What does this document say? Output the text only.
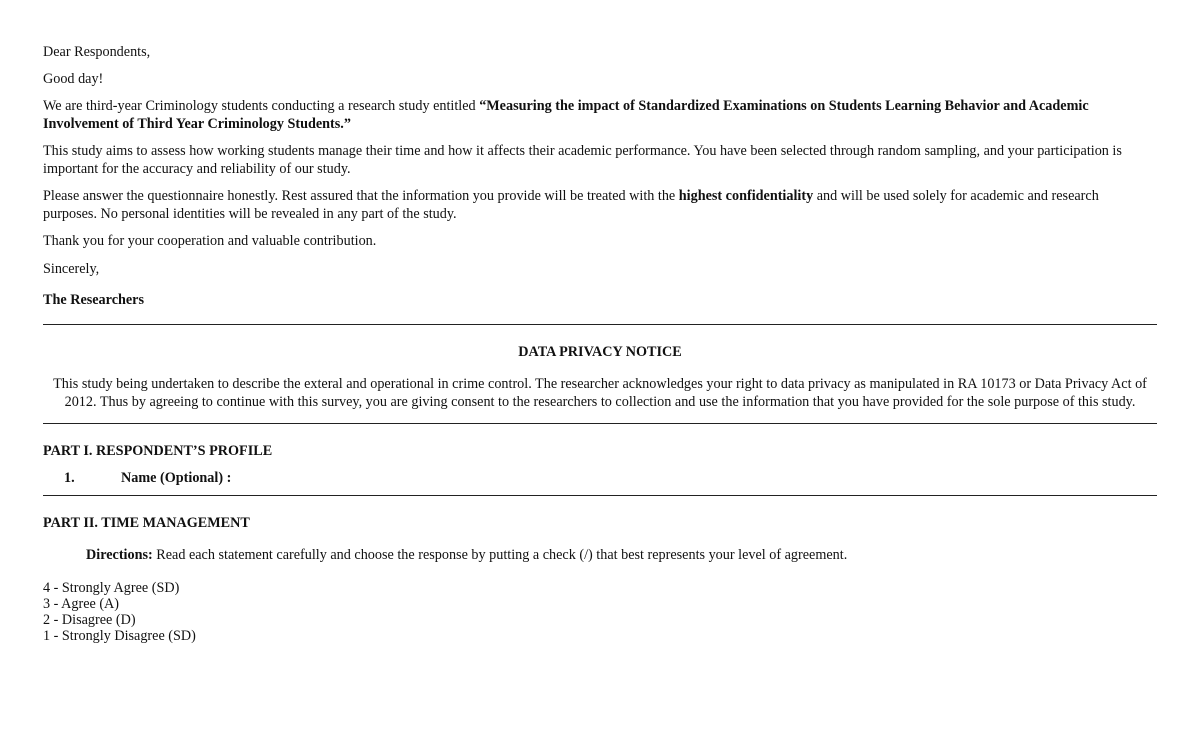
Dear Respondents,

Good day!

We are third-year Criminology students conducting a research study entitled “Measuring the impact of Standardized Examinations on Students Learning Behavior and Academic Involvement of Third Year Criminology Students.”

This study aims to assess how working students manage their time and how it affects their academic performance. You have been selected through random sampling, and your participation is important for the accuracy and reliability of our study.

Please answer the questionnaire honestly. Rest assured that the information you provide will be treated with the highest confidentiality and will be used solely for academic and research purposes. No personal identities will be revealed in any part of the study.

Thank you for your cooperation and valuable contribution.

Sincerely,

The Researchers

DATA PRIVACY NOTICE

This study being undertaken to describe the exteral and operational in crime control. The researcher acknowledges your right to data privacy as manipulated in RA 10173 or Data Privacy Act of 2012. Thus by agreeing to continue with this survey, you are giving consent to the researchers to collection and use the information that you have provided for the sole purpose of this study.

PART I. RESPONDENT’S PROFILE

1.	Name (Optional) :

PART II. TIME MANAGEMENT

Directions: Read each statement carefully and choose the response by putting a check (/) that best represents your level of agreement.

4 - Strongly Agree (SD)

3 - Agree (A)

2 - Disagree (D)

1 - Strongly Disagree (SD)
